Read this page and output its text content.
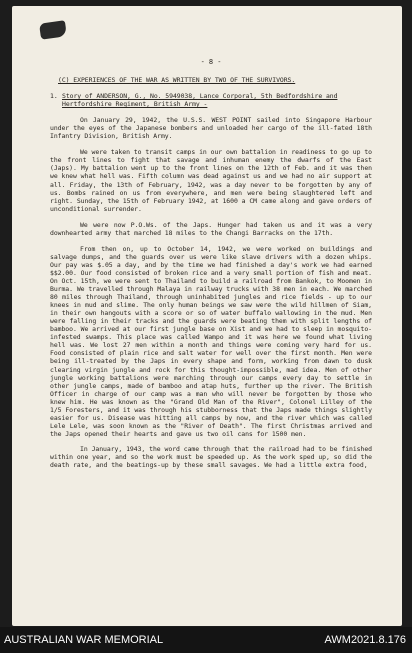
- 8 -
(C) EXPERIENCES OF THE WAR AS WRITTEN BY TWO OF THE SURVIVORS.
1. Story of ANDERSON, G., No. 5949038, Lance Corporal, 5th Bedfordshire and Hertfordshire Regiment, British Army -

On January 29, 1942, the U.S.S. WEST POINT sailed into Singapore Harbour under the eyes of the Japanese bombers and unloaded her cargo of the ill-fated 18th Infantry Division, British Army.

We were taken to transit camps in our own battalion in readiness to go up to the front lines to fight that savage and inhuman enemy the dwarfs of the East (Japs). My battalion went up to the front lines on the 12th of Feb. and it was then we knew what hell was. Fifth column was dead against us and we had no air support at all. Friday, the 13th of February, 1942, was a day never to be forgotten by any of us. Bombs rained on us from everywhere, and men were being slaughtered left and right. Sunday, the 15th of February 1942, at 1600 a CM came along and gave orders of unconditional surrender.

We were now P.O.Ws. of the Japs. Hunger had taken us and it was a very downhearted army that marched 18 miles to the Changi Barracks on the 17th.

From then on, up to October 14, 1942, we were worked on buildings and salvage dumps, and the guards over us were like slave drivers with a dozen whips. Our pay was $.05 a day, and by the time we had finished a day's work we had earned $$2.00. Our food consisted of broken rice and a very small portion of fish and meat. On Oct. 15th, we were sent to Thailand to build a railroad from Bankok, to Moomen in Burma. We travelled through Malaya in railway trucks with 38 men in each. We marched 80 miles through Thailand, through uninhabited jungles and rice fields - up to our knees in mud and slime. The only human beings we saw were the wild hillmen of Siam, in their own hangouts with a score or so of water buffalo wallowing in the mud. Men were falling in their tracks and the guards were beating them with split lengths of bamboo. We arrived at our first jungle base on Xist and we had to sleep in mosquito-infested swamps. This place was called Wampo and it was here we found what living hell was. We lost 27 men within a month and things were coming very hard for us. Food consisted of plain rice and salt water for well over the first month. Men were being ill-treated by the Japs in every shape and form, working from dawn to dusk clearing virgin jungle and rock for this thought-impossible, mad idea. Men of other jungle working battalions were marching through our camps every day to settle in other jungle camps, made of bamboo and atap huts, further up the river. The British Officer in charge of our camp was a man who will never be forgotten by those who knew him. He was known as the "Grand Old Man of the River", Colonel Lilley of the 1/5 Foresters, and it was through his stubborness that the Japs made things slightly easier for us. Disease was hitting all camps by now, and the river which was called Lele Lele, was soon known as the "River of Death". The first Christmas arrived and the Japs opened their hearts and gave us two oil cans for 1500 men.

In January, 1943, the word came through that the railroad had to be finished within one year, and so the work must be speeded up. As the work sped up, so did the death rate, and the beatings-up by these small savages. We had a little extra food,

AUSTRALIAN WAR MEMORIAL	AWM2021.8.176
